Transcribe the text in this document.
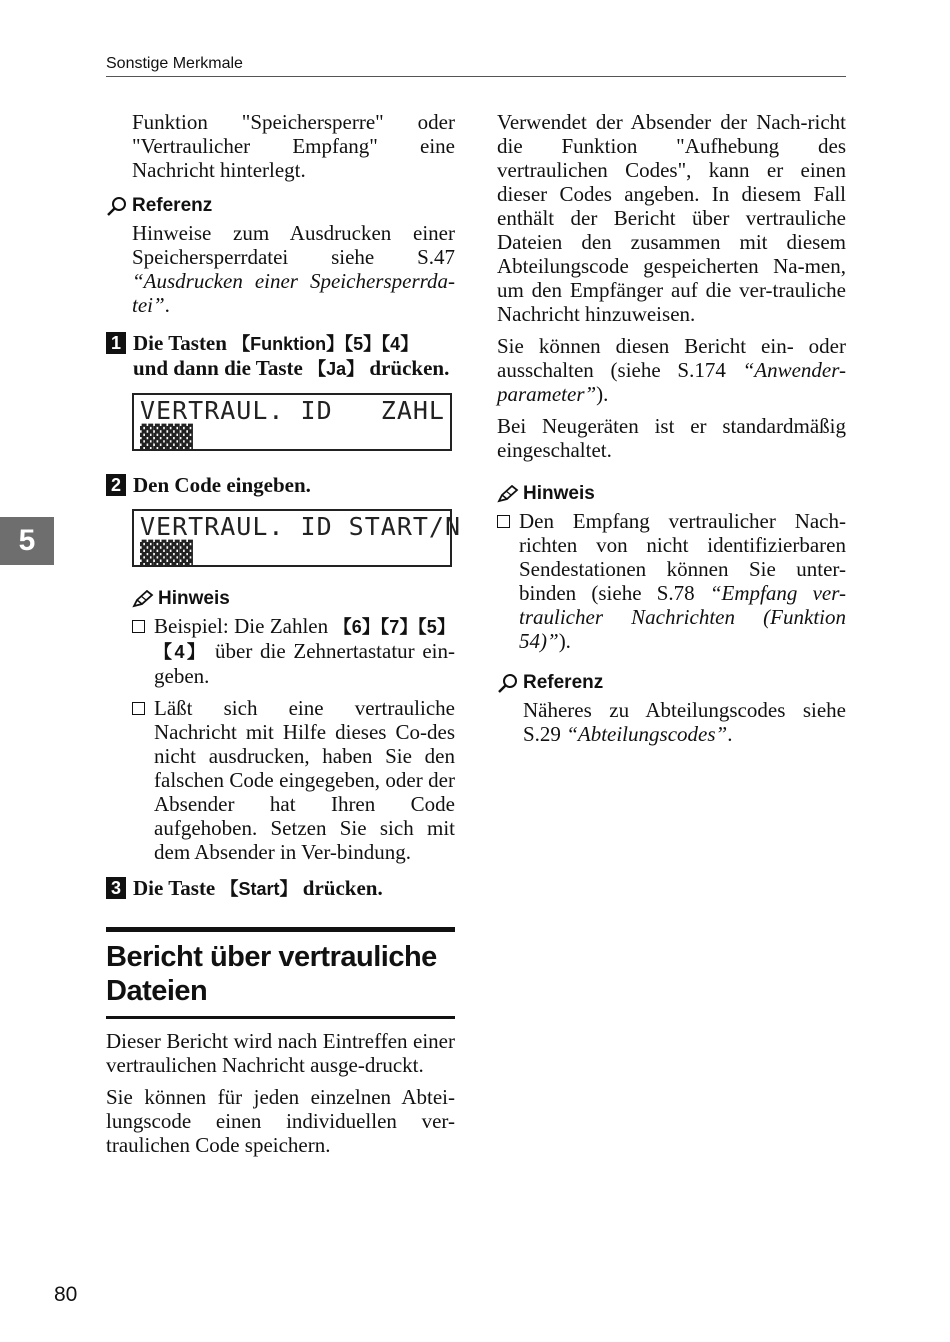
Sonstige Merkmale
5

Funktion "Speichersperre" oder "Vertraulicher Empfang" eine Nachricht hinterlegt.

Referenz

Hinweise zum Ausdrucken einer Speichersperrdatei siehe S.47 “Ausdrucken einer Speichersperrda-tei”.

1 Die Tasten 【Funktion】【5】【4】 und dann die Taste 【Ja】 drücken.
VERTRAUL. ID   ZAHL
▓▓▓▓
2 Den Code eingeben.
VERTRAUL. ID START/N
▓▓▓▓
Hinweis

Beispiel: Die Zahlen 【6】【7】【5】【4】 über die Zehnertastatur ein-geben.

Läßt sich eine vertrauliche Nachricht mit Hilfe dieses Co-des nicht ausdrucken, haben Sie den falschen Code eingegeben, oder der Absender hat Ihren Code aufgehoben. Setzen Sie sich mit dem Absender in Ver-bindung.

3 Die Taste 【Start】 drücken.
Bericht über vertrauliche Dateien

Dieser Bericht wird nach Eintreffen einer vertraulichen Nachricht ausge-druckt.

Sie können für jeden einzelnen Abtei-lungscode einen individuellen ver-traulichen Code speichern.

Verwendet der Absender der Nach-richt die Funktion "Aufhebung des vertraulichen Codes", kann er einen dieser Codes angeben. In diesem Fall enthält der Bericht über vertrauliche Dateien den zusammen mit diesem Abteilungscode gespeicherten Na-men, um den Empfänger auf die ver-trauliche Nachricht hinzuweisen.

Sie können diesen Bericht ein- oder ausschalten (siehe S.174 “Anwender-parameter”).

Bei Neugeräten ist er standardmäßig eingeschaltet.

Hinweis

Den Empfang vertraulicher Nach-richten von nicht identifizierbaren Sendestationen können Sie unter-binden (siehe S.78 “Empfang ver-traulicher Nachrichten (Funktion 54)”).

Referenz

Näheres zu Abteilungscodes siehe S.29 “Abteilungscodes”.

80
